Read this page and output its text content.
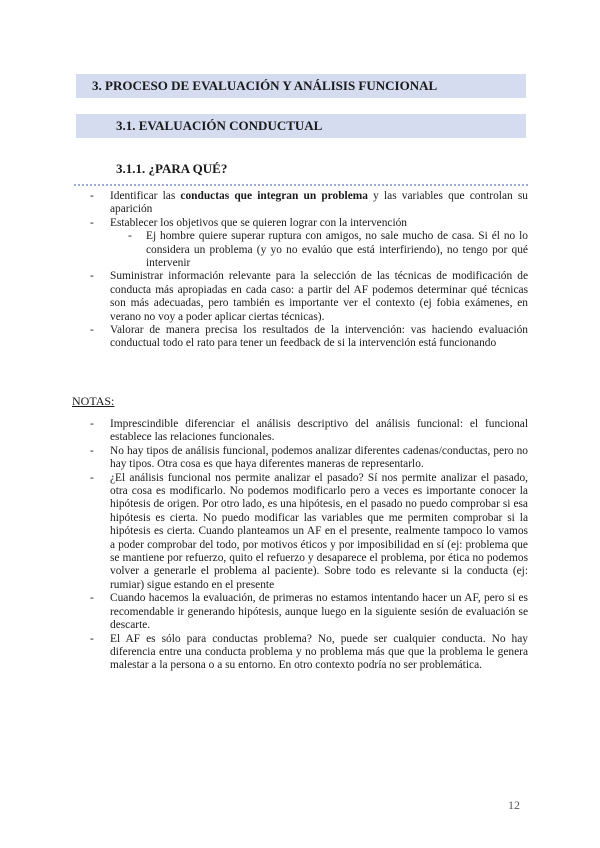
3. PROCESO DE EVALUACIÓN Y ANÁLISIS FUNCIONAL
3.1. EVALUACIÓN CONDUCTUAL
3.1.1. ¿PARA QUÉ?
- Identificar las conductas que integran un problema y las variables que controlan su aparición
- Establecer los objetivos que se quieren lograr con la intervención
- Ej hombre quiere superar ruptura con amigos, no sale mucho de casa. Si él no lo considera un problema (y yo no evalúo que está interfiriendo), no tengo por qué intervenir
- Suministrar información relevante para la selección de las técnicas de modificación de conducta más apropiadas en cada caso: a partir del AF podemos determinar qué técnicas son más adecuadas, pero también es importante ver el contexto (ej fobia exámenes, en verano no voy a poder aplicar ciertas técnicas).
- Valorar de manera precisa los resultados de la intervención: vas haciendo evaluación conductual todo el rato para tener un feedback de si la intervención está funcionando
NOTAS:
- Imprescindible diferenciar el análisis descriptivo del análisis funcional: el funcional establece las relaciones funcionales.
- No hay tipos de análisis funcional, podemos analizar diferentes cadenas/conductas, pero no hay tipos. Otra cosa es que haya diferentes maneras de representarlo.
- ¿El análisis funcional nos permite analizar el pasado? Sí nos permite analizar el pasado, otra cosa es modificarlo. No podemos modificarlo pero a veces es importante conocer la hipótesis de origen. Por otro lado, es una hipótesis, en el pasado no puedo comprobar si esa hipótesis es cierta. No puedo modificar las variables que me permiten comprobar si la hipótesis es cierta. Cuando planteamos un AF en el presente, realmente tampoco lo vamos a poder comprobar del todo, por motivos éticos y por imposibilidad en sí (ej: problema que se mantiene por refuerzo, quito el refuerzo y desaparece el problema, por ética no podemos volver a generarle el problema al paciente). Sobre todo es relevante si la conducta (ej: rumiar) sigue estando en el presente
- Cuando hacemos la evaluación, de primeras no estamos intentando hacer un AF, pero si es recomendable ir generando hipótesis, aunque luego en la siguiente sesión de evaluación se descarte.
- El AF es sólo para conductas problema? No, puede ser cualquier conducta. No hay diferencia entre una conducta problema y no problema más que que la problema le genera malestar a la persona o a su entorno. En otro contexto podría no ser problemática.
12
